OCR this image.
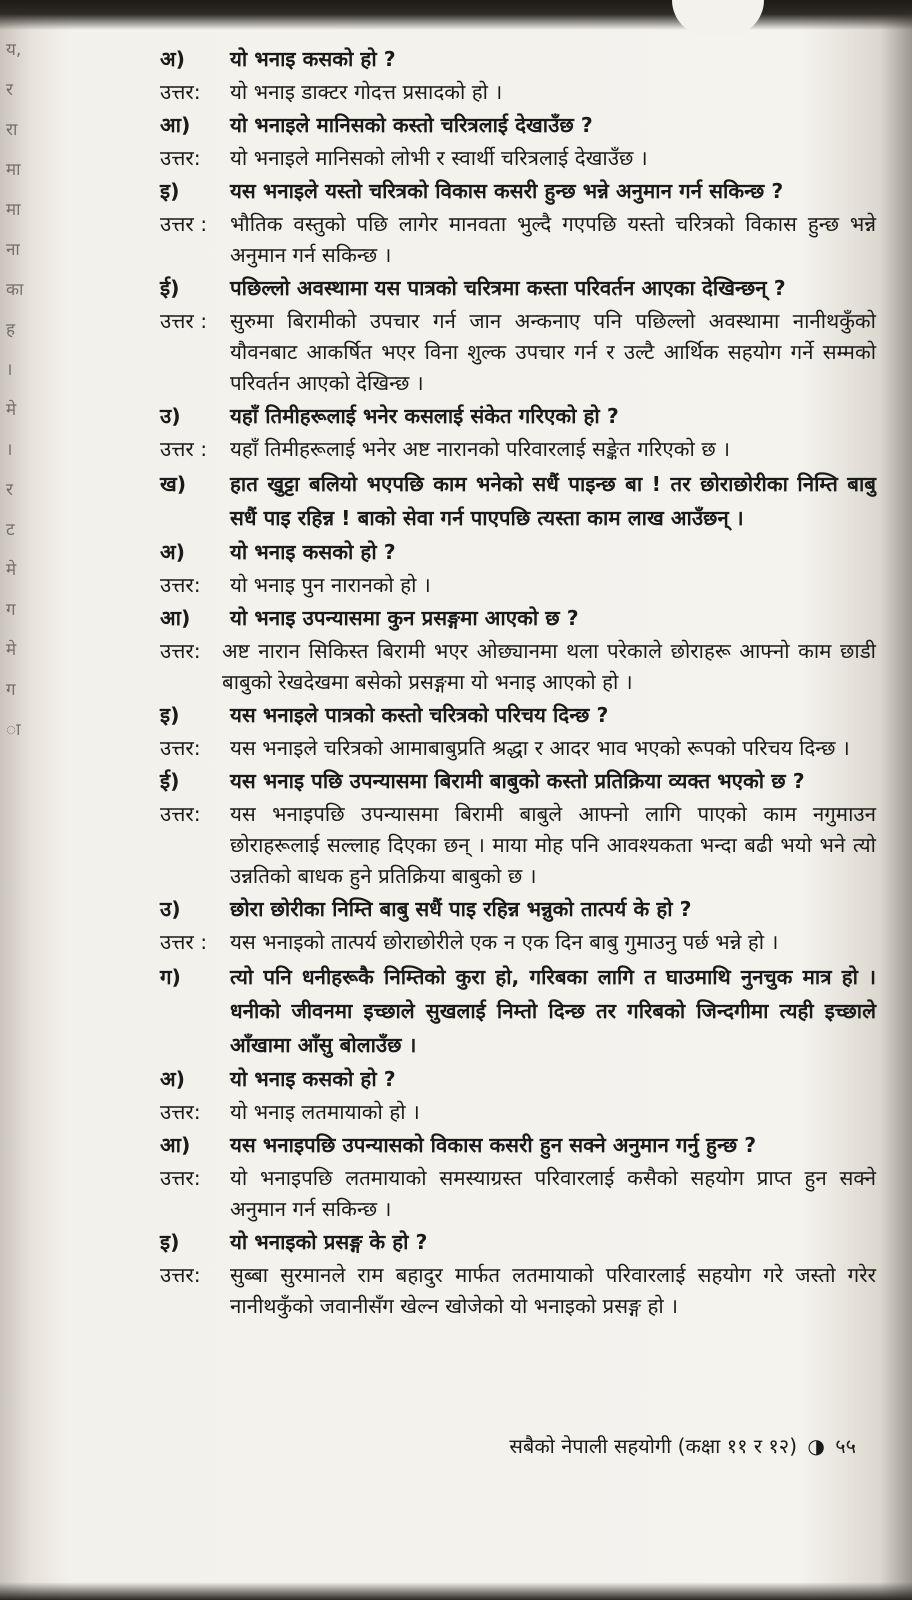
य,
र
रा
मा
मा
ना
का
ह
।
मे
।
र
ट
मे
ग
मे
ग
ा
अ)	यो भनाइ कसको हो ?
उत्तर:	यो भनाइ डाक्टर गोदत्त प्रसादको हो ।
आ)	यो भनाइले मानिसको कस्तो चरित्रलाई देखाउँछ ?
उत्तर:	यो भनाइले मानिसको लोभी र स्वार्थी चरित्रलाई देखाउँछ ।
इ)	यस भनाइले यस्तो चरित्रको विकास कसरी हुन्छ भन्ने अनुमान गर्न सकिन्छ ?
उत्तर :	भौतिक वस्तुको पछि लागेर मानवता भुल्दै गएपछि यस्तो चरित्रको विकास हुन्छ भन्ने अनुमान गर्न सकिन्छ ।
ई)	पछिल्लो अवस्थामा यस पात्रको चरित्रमा कस्ता परिवर्तन आएका देखिन्छन् ?
उत्तर :	सुरुमा बिरामीको उपचार गर्न जान अन्कनाए पनि पछिल्लो अवस्थामा नानीथकुँको यौवनबाट आकर्षित भएर विना शुल्क उपचार गर्न र उल्टै आर्थिक सहयोग गर्ने सम्मको परिवर्तन आएको देखिन्छ ।
उ)	यहाँ तिमीहरूलाई भनेर कसलाई संकेत गरिएको हो ?
उत्तर :	यहाँ तिमीहरूलाई भनेर अष्ट नारानको परिवारलाई सङ्केत गरिएको छ ।
ख)	हात खुट्टा बलियो भएपछि काम भनेको सधैं पाइन्छ बा ! तर छोराछोरीका निम्ति बाबु सधैं पाइ रहिन्न ! बाको सेवा गर्न पाएपछि त्यस्ता काम लाख आउँछन् ।
अ)	यो भनाइ कसको हो ?
उत्तर:	यो भनाइ पुन नारानको हो ।
आ)	यो भनाइ उपन्यासमा कुन प्रसङ्गमा आएको छ ?
उत्तर:	अष्ट नारान सिकिस्त बिरामी भएर ओछ्यानमा थला परेकाले छोराहरू आफ्नो काम छाडी बाबुको रेखदेखमा बसेको प्रसङ्गमा यो भनाइ आएको हो ।
इ)	यस भनाइले पात्रको कस्तो चरित्रको परिचय दिन्छ ?
उत्तर:	यस भनाइले चरित्रको आमाबाबुप्रति श्रद्धा र आदर भाव भएको रूपको परिचय दिन्छ ।
ई)	यस भनाइ पछि उपन्यासमा बिरामी बाबुको कस्तो प्रतिक्रिया व्यक्त भएको छ ?
उत्तर:	यस भनाइपछि उपन्यासमा बिरामी बाबुले आफ्नो लागि पाएको काम नगुमाउन छोराहरूलाई सल्लाह दिएका छन् । माया मोह पनि आवश्यकता भन्दा बढी भयो भने त्यो उन्नतिको बाधक हुने प्रतिक्रिया बाबुको छ ।
उ)	छोरा छोरीका निम्ति बाबु सधैं पाइ रहिन्न भन्नुको तात्पर्य के हो ?
उत्तर :	यस भनाइको तात्पर्य छोराछोरीले एक न एक दिन बाबु गुमाउनु पर्छ भन्ने हो ।
ग)	त्यो पनि धनीहरूकै निम्तिको कुरा हो, गरिबका लागि त घाउमाथि नुनचुक मात्र हो । धनीको जीवनमा इच्छाले सुखलाई निम्तो दिन्छ तर गरिबको जिन्दगीमा त्यही इच्छाले आँखामा आँसु बोलाउँछ ।
अ)	यो भनाइ कसको हो ?
उत्तर:	यो भनाइ लतमायाको हो ।
आ)	यस भनाइपछि उपन्यासको विकास कसरी हुन सक्ने अनुमान गर्नु हुन्छ ?
उत्तर:	यो भनाइपछि लतमायाको समस्याग्रस्त परिवारलाई कसैको सहयोग प्राप्त हुन सक्ने अनुमान गर्न सकिन्छ ।
इ)	यो भनाइको प्रसङ्ग के हो ?
उत्तर:	सुब्बा सुरमानले राम बहादुर मार्फत लतमायाको परिवारलाई सहयोग गरे जस्तो गरेर नानीथकुँको जवानीसँग खेल्न खोजेको यो भनाइको प्रसङ्ग हो ।
सबैको नेपाली सहयोगी (कक्षा ११ र १२) ◑ ५५
